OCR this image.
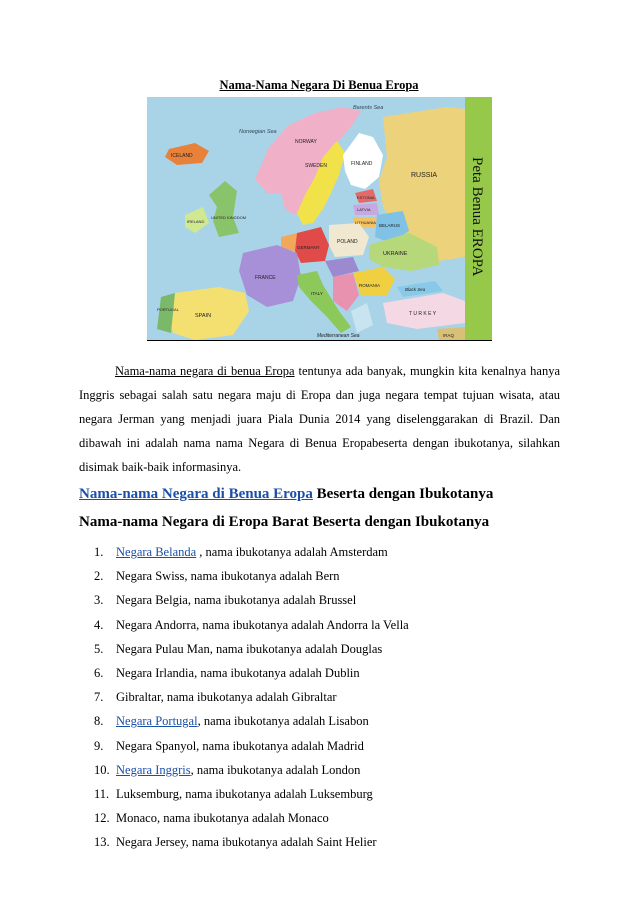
Nama-Nama Negara Di Benua Eropa
Peta Benua EROPA
Barents Sea
Norwegian Sea
ICELAND
NORWAY
SWEDEN	FINLAND
ESTONIA
LATVIA
LITHUANIA
BELARUS
RUSSIA
UKRAINE
POLAND
GERMANY
UNITED KINGDOM
IRELAND
FRANCE
SPAIN
PORTUGAL
ITALY
ROMANIA
T U R K E Y
Black Sea
Mediterranean Sea	IRAQ

Nama-nama negara di benua Eropa tentunya ada banyak, mungkin kita kenalnya hanya Inggris sebagai salah satu negara maju di Eropa dan juga negara tempat tujuan wisata, atau negara Jerman yang menjadi juara Piala Dunia 2014 yang diselenggarakan di Brazil. Dan dibawah ini adalah nama nama Negara di Benua Eropabeserta dengan ibukotanya, silahkan disimak baik-baik informasinya.

Nama-nama Negara di Benua Eropa Beserta dengan Ibukotanya
Nama-nama Negara di Eropa Barat Beserta dengan Ibukotanya
1. Negara Belanda , nama ibukotanya adalah Amsterdam
2. Negara Swiss, nama ibukotanya adalah Bern
3. Negara Belgia, nama ibukotanya adalah Brussel
4. Negara Andorra, nama ibukotanya adalah Andorra la Vella
5. Negara Pulau Man, nama ibukotanya adalah Douglas
6. Negara Irlandia, nama ibukotanya adalah Dublin
7. Gibraltar, nama ibukotanya adalah Gibraltar
8. Negara Portugal, nama ibukotanya adalah Lisabon
9. Negara Spanyol, nama ibukotanya adalah Madrid
10. Negara Inggris, nama ibukotanya adalah London
11. Luksemburg, nama ibukotanya adalah Luksemburg
12. Monaco, nama ibukotanya adalah Monaco
13. Negara Jersey, nama ibukotanya adalah Saint Helier
